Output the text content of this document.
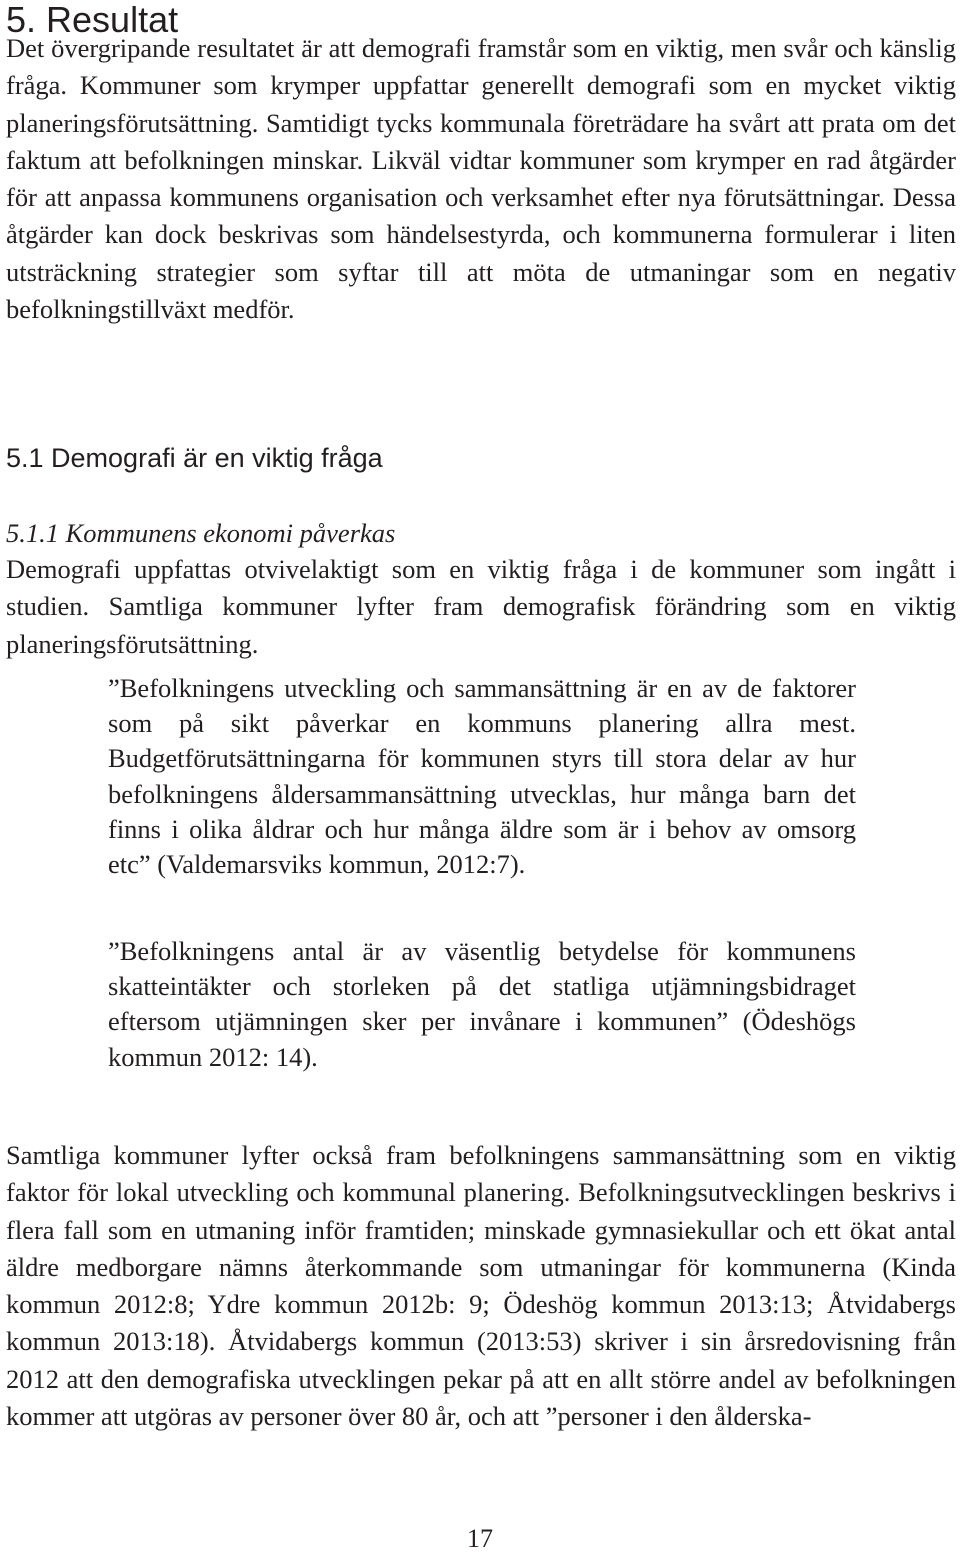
5. Resultat

Det övergripande resultatet är att demografi framstår som en viktig, men svår och känslig fråga. Kommuner som krymper uppfattar generellt demografi som en mycket viktig planeringsförutsättning. Samtidigt tycks kommunala företrädare ha svårt att prata om det faktum att befolkningen minskar. Likväl vidtar kommuner som krymper en rad åtgärder för att anpassa kommunens organisation och verksamhet efter nya förutsättningar. Dessa åtgärder kan dock beskrivas som händelsestyrda, och kommunerna formulerar i liten utsträckning strategier som syftar till att möta de utmaningar som en negativ befolkningstillväxt medför.

5.1 Demografi är en viktig fråga
5.1.1 Kommunens ekonomi påverkas

Demografi uppfattas otvivelaktigt som en viktig fråga i de kommuner som ingått i studien. Samtliga kommuner lyfter fram demografisk förändring som en viktig planeringsförutsättning.

”Befolkningens utveckling och sammansättning är en av de faktorer som på sikt påverkar en kommuns planering allra mest. Budgetförutsättningarna för kommunen styrs till stora delar av hur befolkningens åldersammansättning utvecklas, hur många barn det finns i olika åldrar och hur många äldre som är i behov av omsorg etc” (Valdemarsviks kommun, 2012:7).

”Befolkningens antal är av väsentlig betydelse för kommunens skatteintäkter och storleken på det statliga utjämningsbidraget eftersom utjämningen sker per invånare i kommunen” (Ödeshögs kommun 2012: 14).

Samtliga kommuner lyfter också fram befolkningens sammansättning som en viktig faktor för lokal utveckling och kommunal planering. Befolkningsutvecklingen beskrivs i flera fall som en utmaning inför framtiden; minskade gymnasiekullar och ett ökat antal äldre medborgare nämns återkommande som utmaningar för kommunerna (Kinda kommun 2012:8; Ydre kommun 2012b: 9; Ödeshög kommun 2013:13; Åtvidabergs kommun 2013:18). Åtvidabergs kommun (2013:53) skriver i sin årsredovisning från 2012 att den demografiska utvecklingen pekar på att en allt större andel av befolkningen kommer att utgöras av personer över 80 år, och att ”personer i den ålderska-

17
